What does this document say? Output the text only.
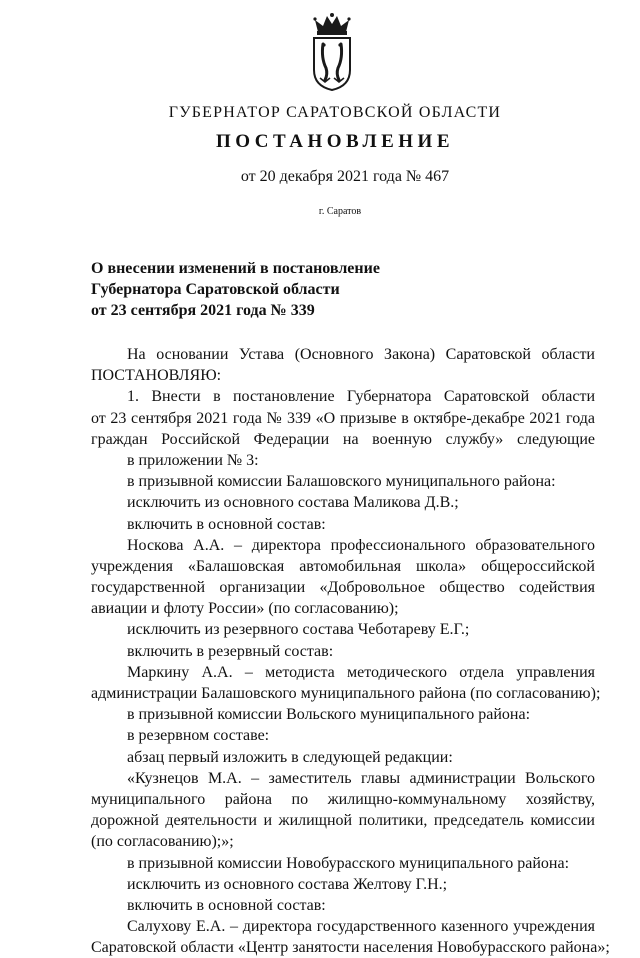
ГУБЕРНАТОР САРАТОВСКОЙ ОБЛАСТИ
ПОСТАНОВЛЕНИЕ
от 20 декабря 2021 года № 467
г. Саратов
О внесении изменений в постановление
Губернатора Саратовской области
от 23 сентября 2021 года № 339
На основании Устава (Основного Закона) Саратовской области
ПОСТАНОВЛЯЮ:
1. Внести в постановление Губернатора Саратовской области
от 23 сентября 2021 года № 339 «О призыве в октябре-декабре 2021 года
граждан Российской Федерации на военную службу» следующие
в приложении № 3:
в призывной комиссии Балашовского муниципального района:
исключить из основного состава Маликова Д.В.;
включить в основной состав:
Носкова А.А. – директора профессионального образовательного
учреждения «Балашовская автомобильная школа» общероссийской
государственной организации «Добровольное общество содействия
авиации и флоту России» (по согласованию);
исключить из резервного состава Чеботареву Е.Г.;
включить в резервный состав:
Маркину А.А. – методиста методического отдела управления
администрации Балашовского муниципального района (по согласованию);
в призывной комиссии Вольского муниципального района:
в резервном составе:
абзац первый изложить в следующей редакции:
«Кузнецов М.А. – заместитель главы администрации Вольского
муниципального района по жилищно-коммунальному хозяйству,
дорожной деятельности и жилищной политики, председатель комиссии
(по согласованию);»;
в призывной комиссии Новобурасского муниципального района:
исключить из основного состава Желтову Г.Н.;
включить в основной состав:
Салухову Е.А. – директора государственного казенного учреждения
Саратовской области «Центр занятости населения Новобурасского района»;
